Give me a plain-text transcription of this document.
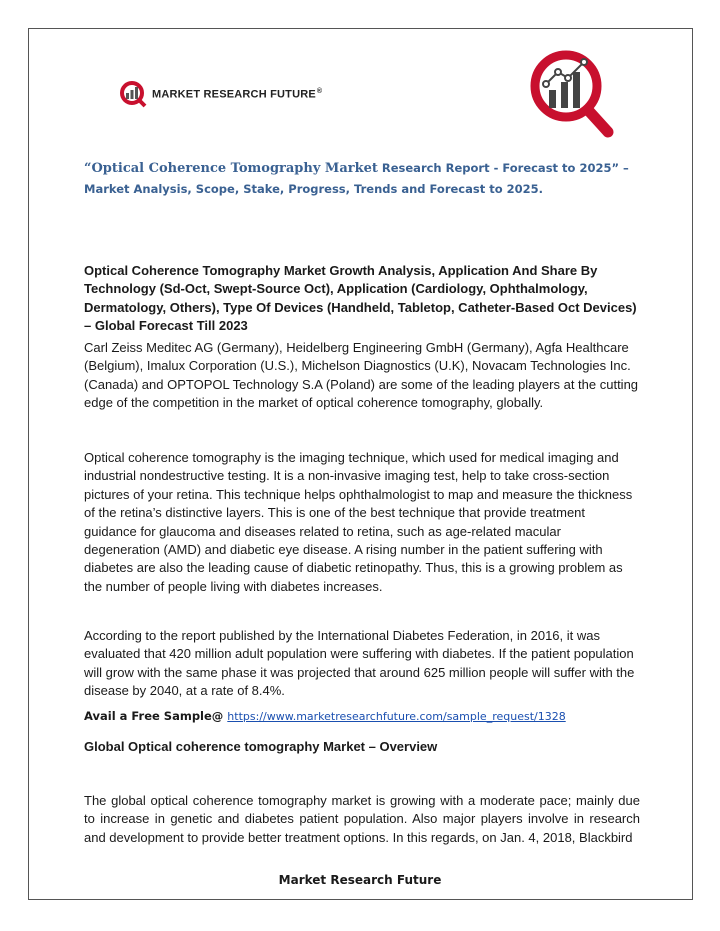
MARKET RESEARCH FUTURE®
“Optical Coherence Tomography Market Research Report - Forecast to 2025” –
Market Analysis, Scope, Stake, Progress, Trends and Forecast to 2025.
Optical Coherence Tomography Market Growth Analysis, Application And Share By Technology (Sd-Oct, Swept-Source Oct), Application (Cardiology, Ophthalmology, Dermatology, Others), Type Of Devices (Handheld, Tabletop, Catheter-Based Oct Devices) – Global Forecast Till 2023
Carl Zeiss Meditec AG (Germany), Heidelberg Engineering GmbH (Germany), Agfa Healthcare (Belgium), Imalux Corporation (U.S.), Michelson Diagnostics (U.K), Novacam Technologies Inc. (Canada) and OPTOPOL Technology S.A (Poland) are some of the leading players at the cutting edge of the competition in the market of optical coherence tomography, globally.
Optical coherence tomography is the imaging technique, which used for medical imaging and industrial nondestructive testing. It is a non-invasive imaging test, help to take cross-section pictures of your retina. This technique helps ophthalmologist to map and measure the thickness of the retina’s distinctive layers. This is one of the best technique that provide treatment guidance for glaucoma and diseases related to retina, such as age-related macular degeneration (AMD) and diabetic eye disease. A rising number in the patient suffering with diabetes are also the leading cause of diabetic retinopathy. Thus, this is a growing problem as the number of people living with diabetes increases.
According to the report published by the International Diabetes Federation, in 2016, it was evaluated that 420 million adult population were suffering with diabetes. If the patient population will grow with the same phase it was projected that around 625 million people will suffer with the disease by 2040, at a rate of 8.4%.
Avail a Free Sample@ https://www.marketresearchfuture.com/sample_request/1328
Global Optical coherence tomography Market – Overview
The global optical coherence tomography market is growing with a moderate pace; mainly due to increase in genetic and diabetes patient population. Also major players involve in research and development to provide better treatment options. In this regards, on Jan. 4, 2018, Blackbird
Market Research Future
